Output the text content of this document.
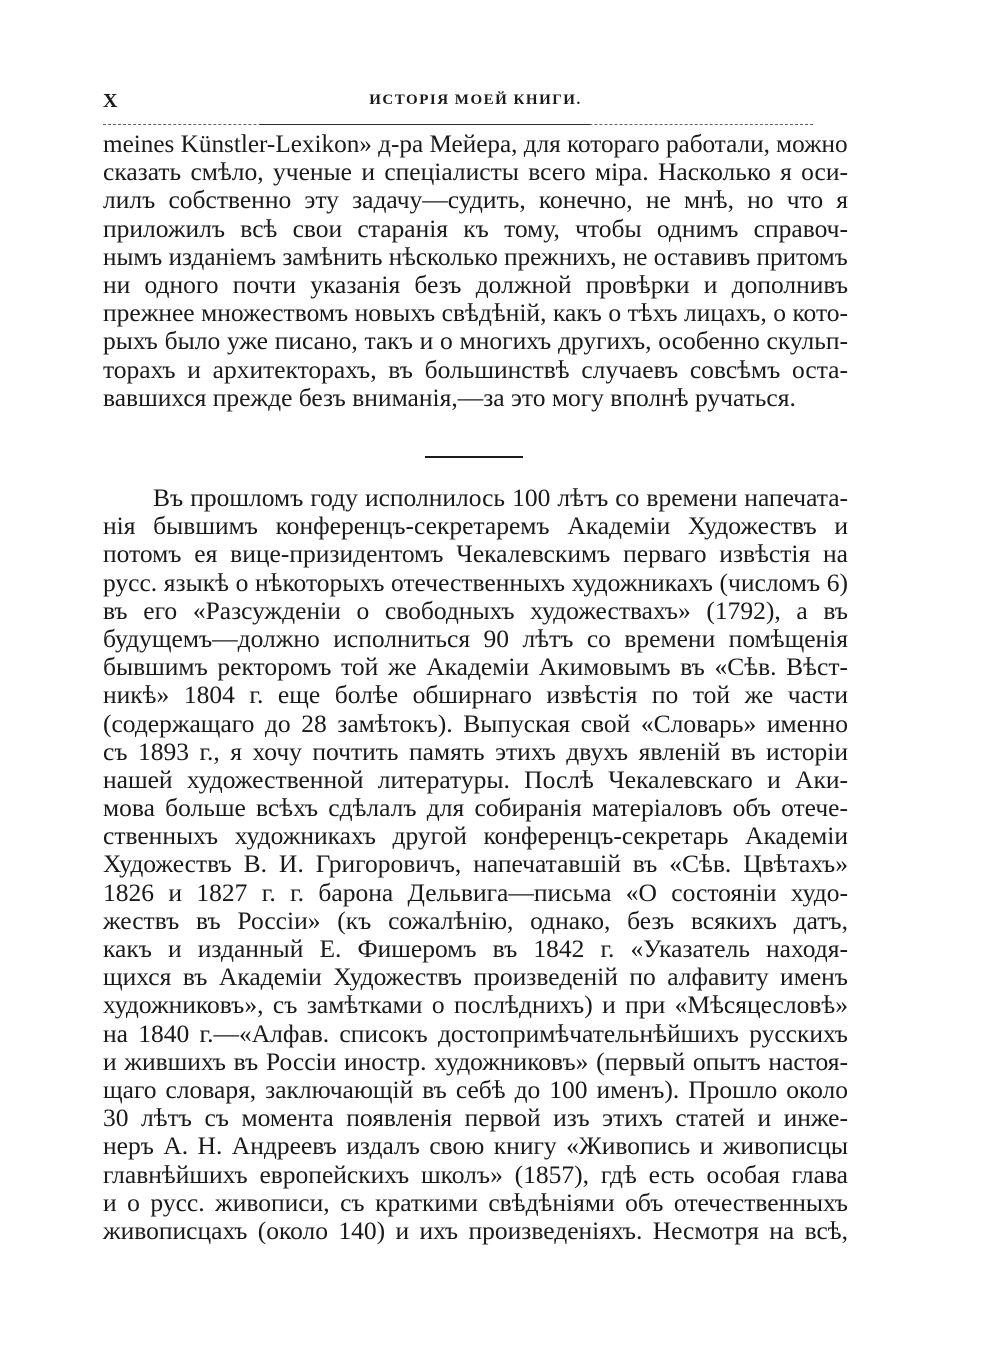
X	ИСТОРІЯ МОЕЙ КНИГИ.
meines Künstler-Lexikon» д-ра Мейера, для котораго работали, можно
сказать смѣло, ученые и спеціалисты всего міра. Насколько я оси-
лилъ собственно эту задачу—судить, конечно, не мнѣ, но что я
приложилъ всѣ свои старанія къ тому, чтобы однимъ справоч-
нымъ изданіемъ замѣнить нѣсколько прежнихъ, не оставивъ притомъ
ни одного почти указанія безъ должной провѣрки и дополнивъ
прежнее множествомъ новыхъ свѣдѣній, какъ о тѣхъ лицахъ, о кото-
рыхъ было уже писано, такъ и о многихъ другихъ, особенно скульп-
торахъ и архитекторахъ, въ большинствѣ случаевъ совсѣмъ оста-
вавшихся прежде безъ вниманія,—за это могу вполнѣ ручаться.
Въ прошломъ году исполнилось 100 лѣтъ со времени напечата-
нія бывшимъ конференцъ-секретаремъ Академіи Художествъ и
потомъ ея вице-призидентомъ Чекалевскимъ перваго извѣстія на
русс. языкѣ о нѣкоторыхъ отечественныхъ художникахъ (числомъ 6)
въ его «Разсужденіи о свободныхъ художествахъ» (1792), а въ
будущемъ—должно исполниться 90 лѣтъ со времени помѣщенія
бывшимъ ректоромъ той же Академіи Акимовымъ въ «Сѣв. Вѣст-
никѣ» 1804 г. еще болѣе обширнаго извѣстія по той же части
(содержащаго до 28 замѣтокъ). Выпуская свой «Словарь» именно
съ 1893 г., я хочу почтить память этихъ двухъ явленій въ исторіи
нашей художественной литературы. Послѣ Чекалевскаго и Аки-
мова больше всѣхъ сдѣлалъ для собиранія матеріаловъ объ отече-
ственныхъ художникахъ другой конференцъ-секретарь Академіи
Художествъ В. И. Григоровичъ, напечатавшій въ «Сѣв. Цвѣтахъ»
1826 и 1827 г. г. барона Дельвига—письма «О состояніи худо-
жествъ въ Россіи» (къ сожалѣнію, однако, безъ всякихъ датъ,
какъ и изданный Е. Фишеромъ въ 1842 г. «Указатель находя-
щихся въ Академіи Художествъ произведеній по алфавиту именъ
художниковъ», съ замѣтками о послѣднихъ) и при «Мѣсяцесловѣ»
на 1840 г.—«Алфав. списокъ достопримѣчательнѣйшихъ русскихъ
и жившихъ въ Россіи иностр. художниковъ» (первый опытъ настоя-
щаго словаря, заключающій въ себѣ до 100 именъ). Прошло около
30 лѣтъ съ момента появленія первой изъ этихъ статей и инже-
неръ А. Н. Андреевъ издалъ свою книгу «Живопись и живописцы
главнѣйшихъ европейскихъ школъ» (1857), гдѣ есть особая глава
и о русс. живописи, съ краткими свѣдѣніями объ отечественныхъ
живописцахъ (около 140) и ихъ произведеніяхъ. Несмотря на всѣ,
